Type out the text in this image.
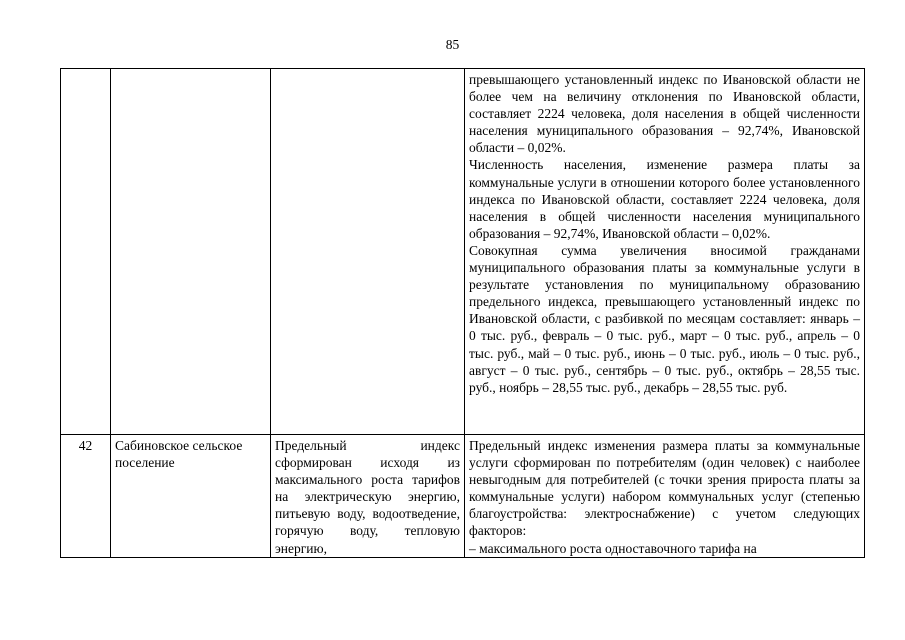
85

			превышающего установленный индекс по Ивановской области не более чем на величину отклонения по Ивановской области, составляет 2224 человека, доля населения в общей численности населения муниципального образования – 92,74%, Ивановской области – 0,02%.
Численность населения, изменение размера платы за коммунальные услуги в отношении которого более установленного индекса по Ивановской области, составляет 2224 человека, доля населения в общей численности населения муниципального образования – 92,74%, Ивановской области – 0,02%.
Совокупная сумма увеличения вносимой гражданами муниципального образования платы за коммунальные услуги в результате установления по муниципальному образованию предельного индекса, превышающего установленный индекс по Ивановской области, с разбивкой по месяцам составляет: январь – 0 тыс. руб., февраль – 0 тыс. руб., март – 0 тыс. руб., апрель – 0 тыс. руб., май – 0 тыс. руб., июнь – 0 тыс. руб., июль – 0 тыс. руб., август – 0 тыс. руб., сентябрь – 0 тыс. руб., октябрь – 28,55 тыс. руб., ноябрь – 28,55 тыс. руб., декабрь – 28,55 тыс. руб.

42	Сабиновское сельское поселение	Предельный индекс сформирован исходя из максимального роста тарифов на электрическую энергию, питьевую воду, водоотведение, горячую воду, тепловую энергию,	Предельный индекс изменения размера платы за коммунальные услуги сформирован по потребителям (один человек) с наиболее невыгодным для потребителей (с точки зрения прироста платы за коммунальные услуги) набором коммунальных услуг (степенью благоустройства: электроснабжение) с учетом следующих факторов:
– максимального роста одноставочного тарифа на
